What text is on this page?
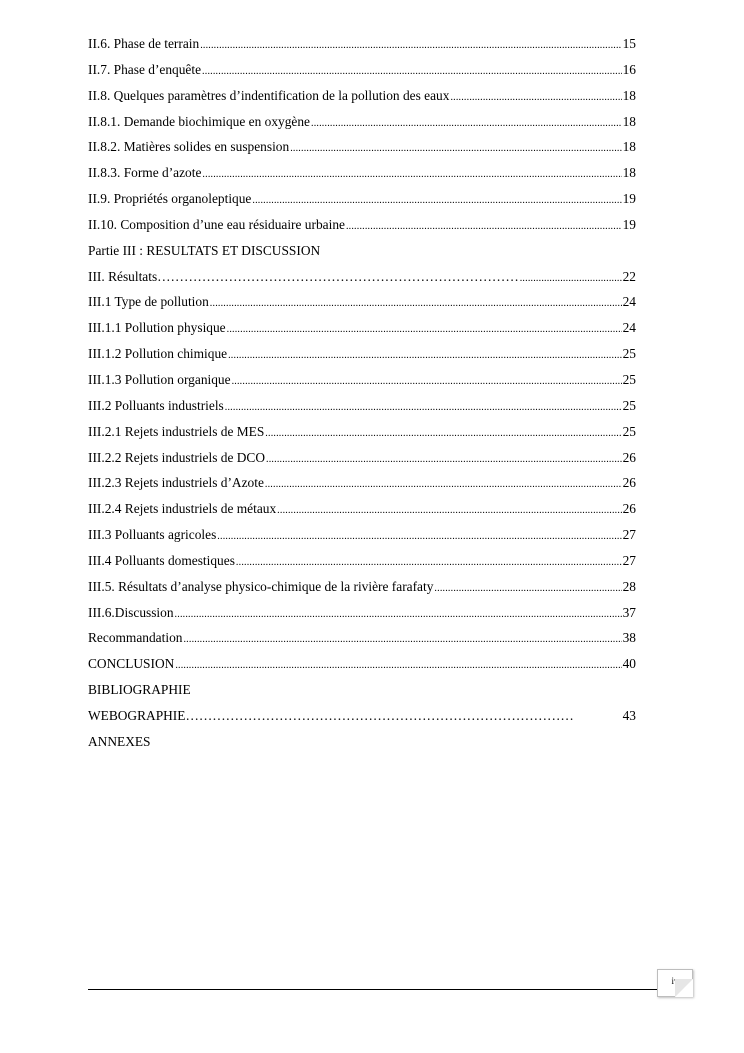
II.6. Phase de terrain .....	15
II.7. Phase d’enquête .....	16
II.8. Quelques paramètres d’indentification de la pollution des eaux .....	18
II.8.1. Demande biochimique en oxygène .....	18
II.8.2. Matières solides en suspension .....	18
II.8.3. Forme d’azote .....	18
II.9. Propriétés organoleptique .....	19
II.10. Composition d’une eau résiduaire urbaine .....	19
Partie III : RESULTATS ET DISCUSSION
III. Résultats……………………………………………………………………… .....	22
III.1 Type de pollution .....	24
III.1.1 Pollution physique .....	24
III.1.2 Pollution chimique .....	25
III.1.3 Pollution organique .....	25
III.2 Polluants industriels .....	25
III.2.1 Rejets industriels de MES .....	25
III.2.2 Rejets industriels de DCO .....	26
III.2.3 Rejets industriels d’Azote .....	26
III.2.4 Rejets industriels de métaux .....	26
III.3 Polluants agricoles .....	27
III.4 Polluants domestiques .....	27
III.5. Résultats d’analyse physico-chimique de la rivière farafaty .....	28
III.6.Discussion .....	37
Recommandation .....	38
CONCLUSION .....	40
BIBLIOGRAPHIE
WEBOGRAPHIE……………………………………………………………………………	43
ANNEXES
iv
